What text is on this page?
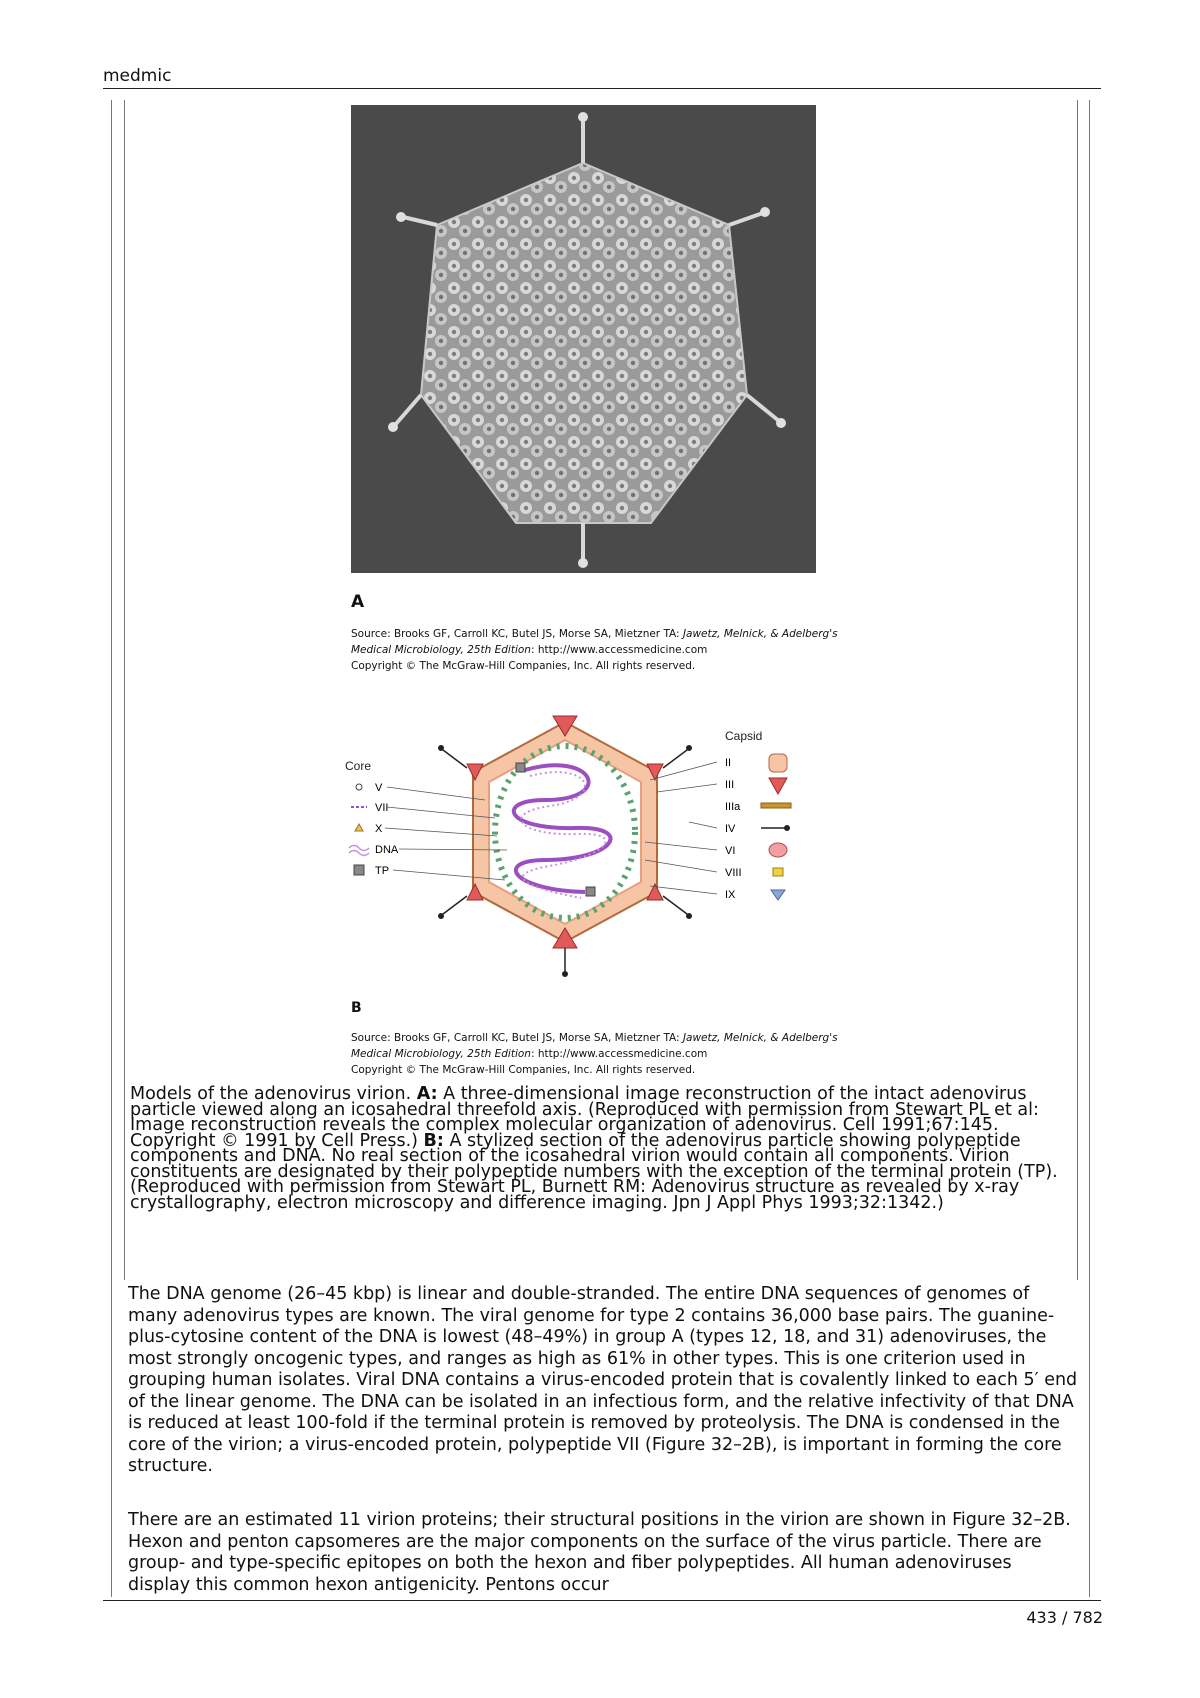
medmic
A
Source: Brooks GF, Carroll KC, Butel JS, Morse SA, Mietzner TA: Jawetz, Melnick, & Adelberg's Medical Microbiology, 25th Edition: http://www.accessmedicine.com
Copyright © The McGraw-Hill Companies, Inc. All rights reserved.
Core
V
VII
X
DNA
TP
Capsid
II
III
IIIa
IV
VI
VIII
IX
B
Source: Brooks GF, Carroll KC, Butel JS, Morse SA, Mietzner TA: Jawetz, Melnick, & Adelberg's Medical Microbiology, 25th Edition: http://www.accessmedicine.com
Copyright © The McGraw-Hill Companies, Inc. All rights reserved.
Models of the adenovirus virion. A: A three-dimensional image reconstruction of the intact adenovirus particle viewed along an icosahedral threefold axis. (Reproduced with permission from Stewart PL et al: Image reconstruction reveals the complex molecular organization of adenovirus. Cell 1991;67:145. Copyright © 1991 by Cell Press.) B: A stylized section of the adenovirus particle showing polypeptide components and DNA. No real section of the icosahedral virion would contain all components. Virion constituents are designated by their polypeptide numbers with the exception of the terminal protein (TP). (Reproduced with permission from Stewart PL, Burnett RM: Adenovirus structure as revealed by x-ray crystallography, electron microscopy and difference imaging. Jpn J Appl Phys 1993;32:1342.)
The DNA genome (26–45 kbp) is linear and double-stranded. The entire DNA sequences of genomes of many adenovirus types are known. The viral genome for type 2 contains 36,000 base pairs. The guanine-plus-cytosine content of the DNA is lowest (48–49%) in group A (types 12, 18, and 31) adenoviruses, the most strongly oncogenic types, and ranges as high as 61% in other types. This is one criterion used in grouping human isolates. Viral DNA contains a virus-encoded protein that is covalently linked to each 5′ end of the linear genome. The DNA can be isolated in an infectious form, and the relative infectivity of that DNA is reduced at least 100-fold if the terminal protein is removed by proteolysis. The DNA is condensed in the core of the virion; a virus-encoded protein, polypeptide VII (Figure 32–2B), is important in forming the core structure.
There are an estimated 11 virion proteins; their structural positions in the virion are shown in Figure 32–2B. Hexon and penton capsomeres are the major components on the surface of the virus particle. There are group- and type-specific epitopes on both the hexon and fiber polypeptides. All human adenoviruses display this common hexon antigenicity. Pentons occur
433 / 782
